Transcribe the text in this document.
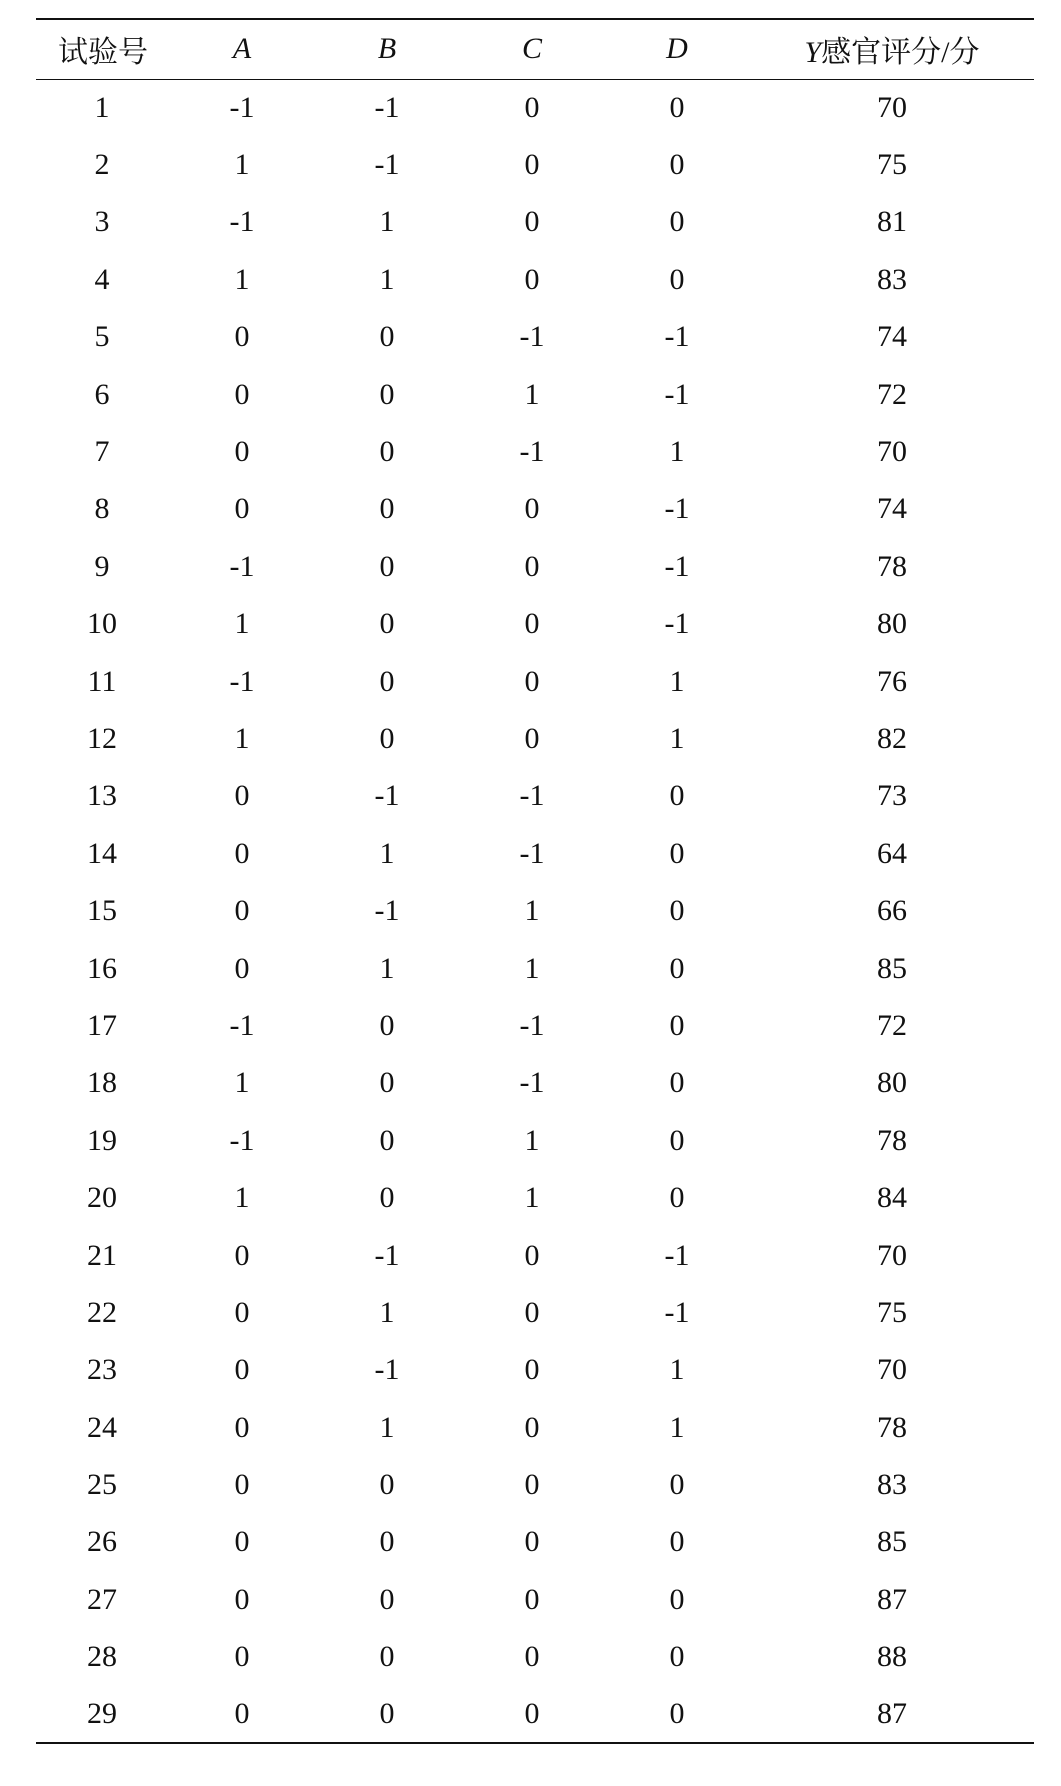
试验号	A	B	C	D	Y感官评分/分
1	-1	-1	0	0	70
2	1	-1	0	0	75
3	-1	1	0	0	81
4	1	1	0	0	83
5	0	0	-1	-1	74
6	0	0	1	-1	72
7	0	0	-1	1	70
8	0	0	0	-1	74
9	-1	0	0	-1	78
10	1	0	0	-1	80
11	-1	0	0	1	76
12	1	0	0	1	82
13	0	-1	-1	0	73
14	0	1	-1	0	64
15	0	-1	1	0	66
16	0	1	1	0	85
17	-1	0	-1	0	72
18	1	0	-1	0	80
19	-1	0	1	0	78
20	1	0	1	0	84
21	0	-1	0	-1	70
22	0	1	0	-1	75
23	0	-1	0	1	70
24	0	1	0	1	78
25	0	0	0	0	83
26	0	0	0	0	85
27	0	0	0	0	87
28	0	0	0	0	88
29	0	0	0	0	87
